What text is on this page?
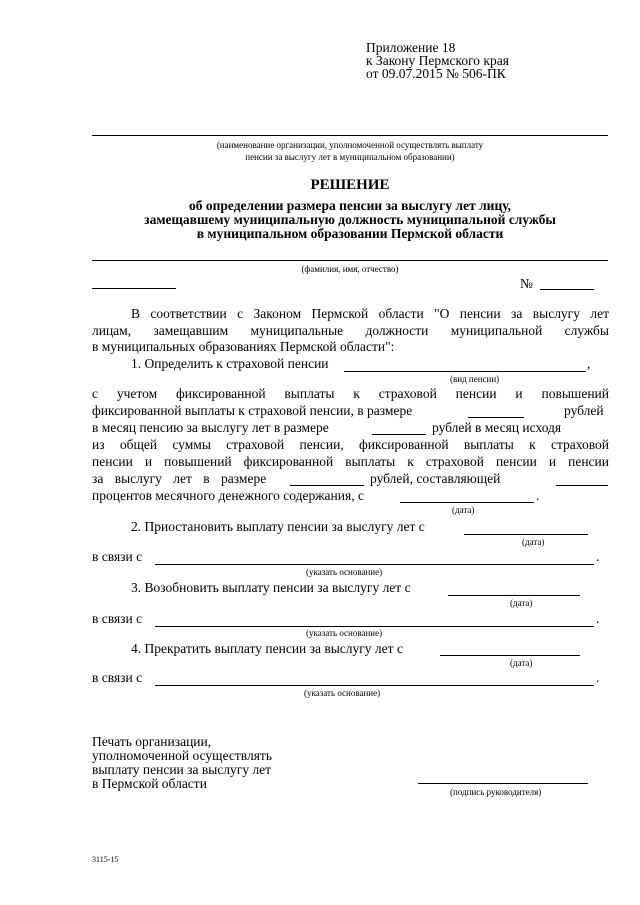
Приложение 18
к Закону Пермского края
от 09.07.2015 № 506-ПК
(наименование организации, уполномоченной осуществлять выплату
пенсии за выслугу лет в муниципальном образовании)
РЕШЕНИЕ
об определении размера пенсии за выслугу лет лицу,
замещавшему муниципальную должность муниципальной службы
в муниципальном образовании Пермской области
(фамилия, имя, отчество)
№
В соответствии с Законом Пермской области "О пенсии за выслугу лет
лицам, замещавшим муниципальные должности муниципальной службы
в муниципальных образованиях Пермской области":
1. Определить к страховой пенсии	,
(вид пенсии)
с учетом фиксированной выплаты к страховой пенсии и повышений
фиксированной выплаты к страховой пенсии, в размере	рублей
в месяц пенсию за выслугу лет в размере	рублей в месяц исходя
из общей суммы страховой пенсии, фиксированной выплаты к страховой
пенсии и повышений фиксированной выплаты к страховой пенсии и пенсии
за выслугу лет в размере	рублей, составляющей
процентов месячного денежного содержания, с	.
(дата)
2. Приостановить выплату пенсии за выслугу лет с
(дата)
в связи с	.
(указать основание)
3. Возобновить выплату пенсии за выслугу лет с
(дата)
в связи с	.
(указать основание)
4. Прекратить выплату пенсии за выслугу лет с
(дата)
в связи с	.
(указать основание)
Печать организации,
уполномоченной осуществлять
выплату пенсии за выслугу лет
в Пермской области
(подпись руководителя)
3115-15
